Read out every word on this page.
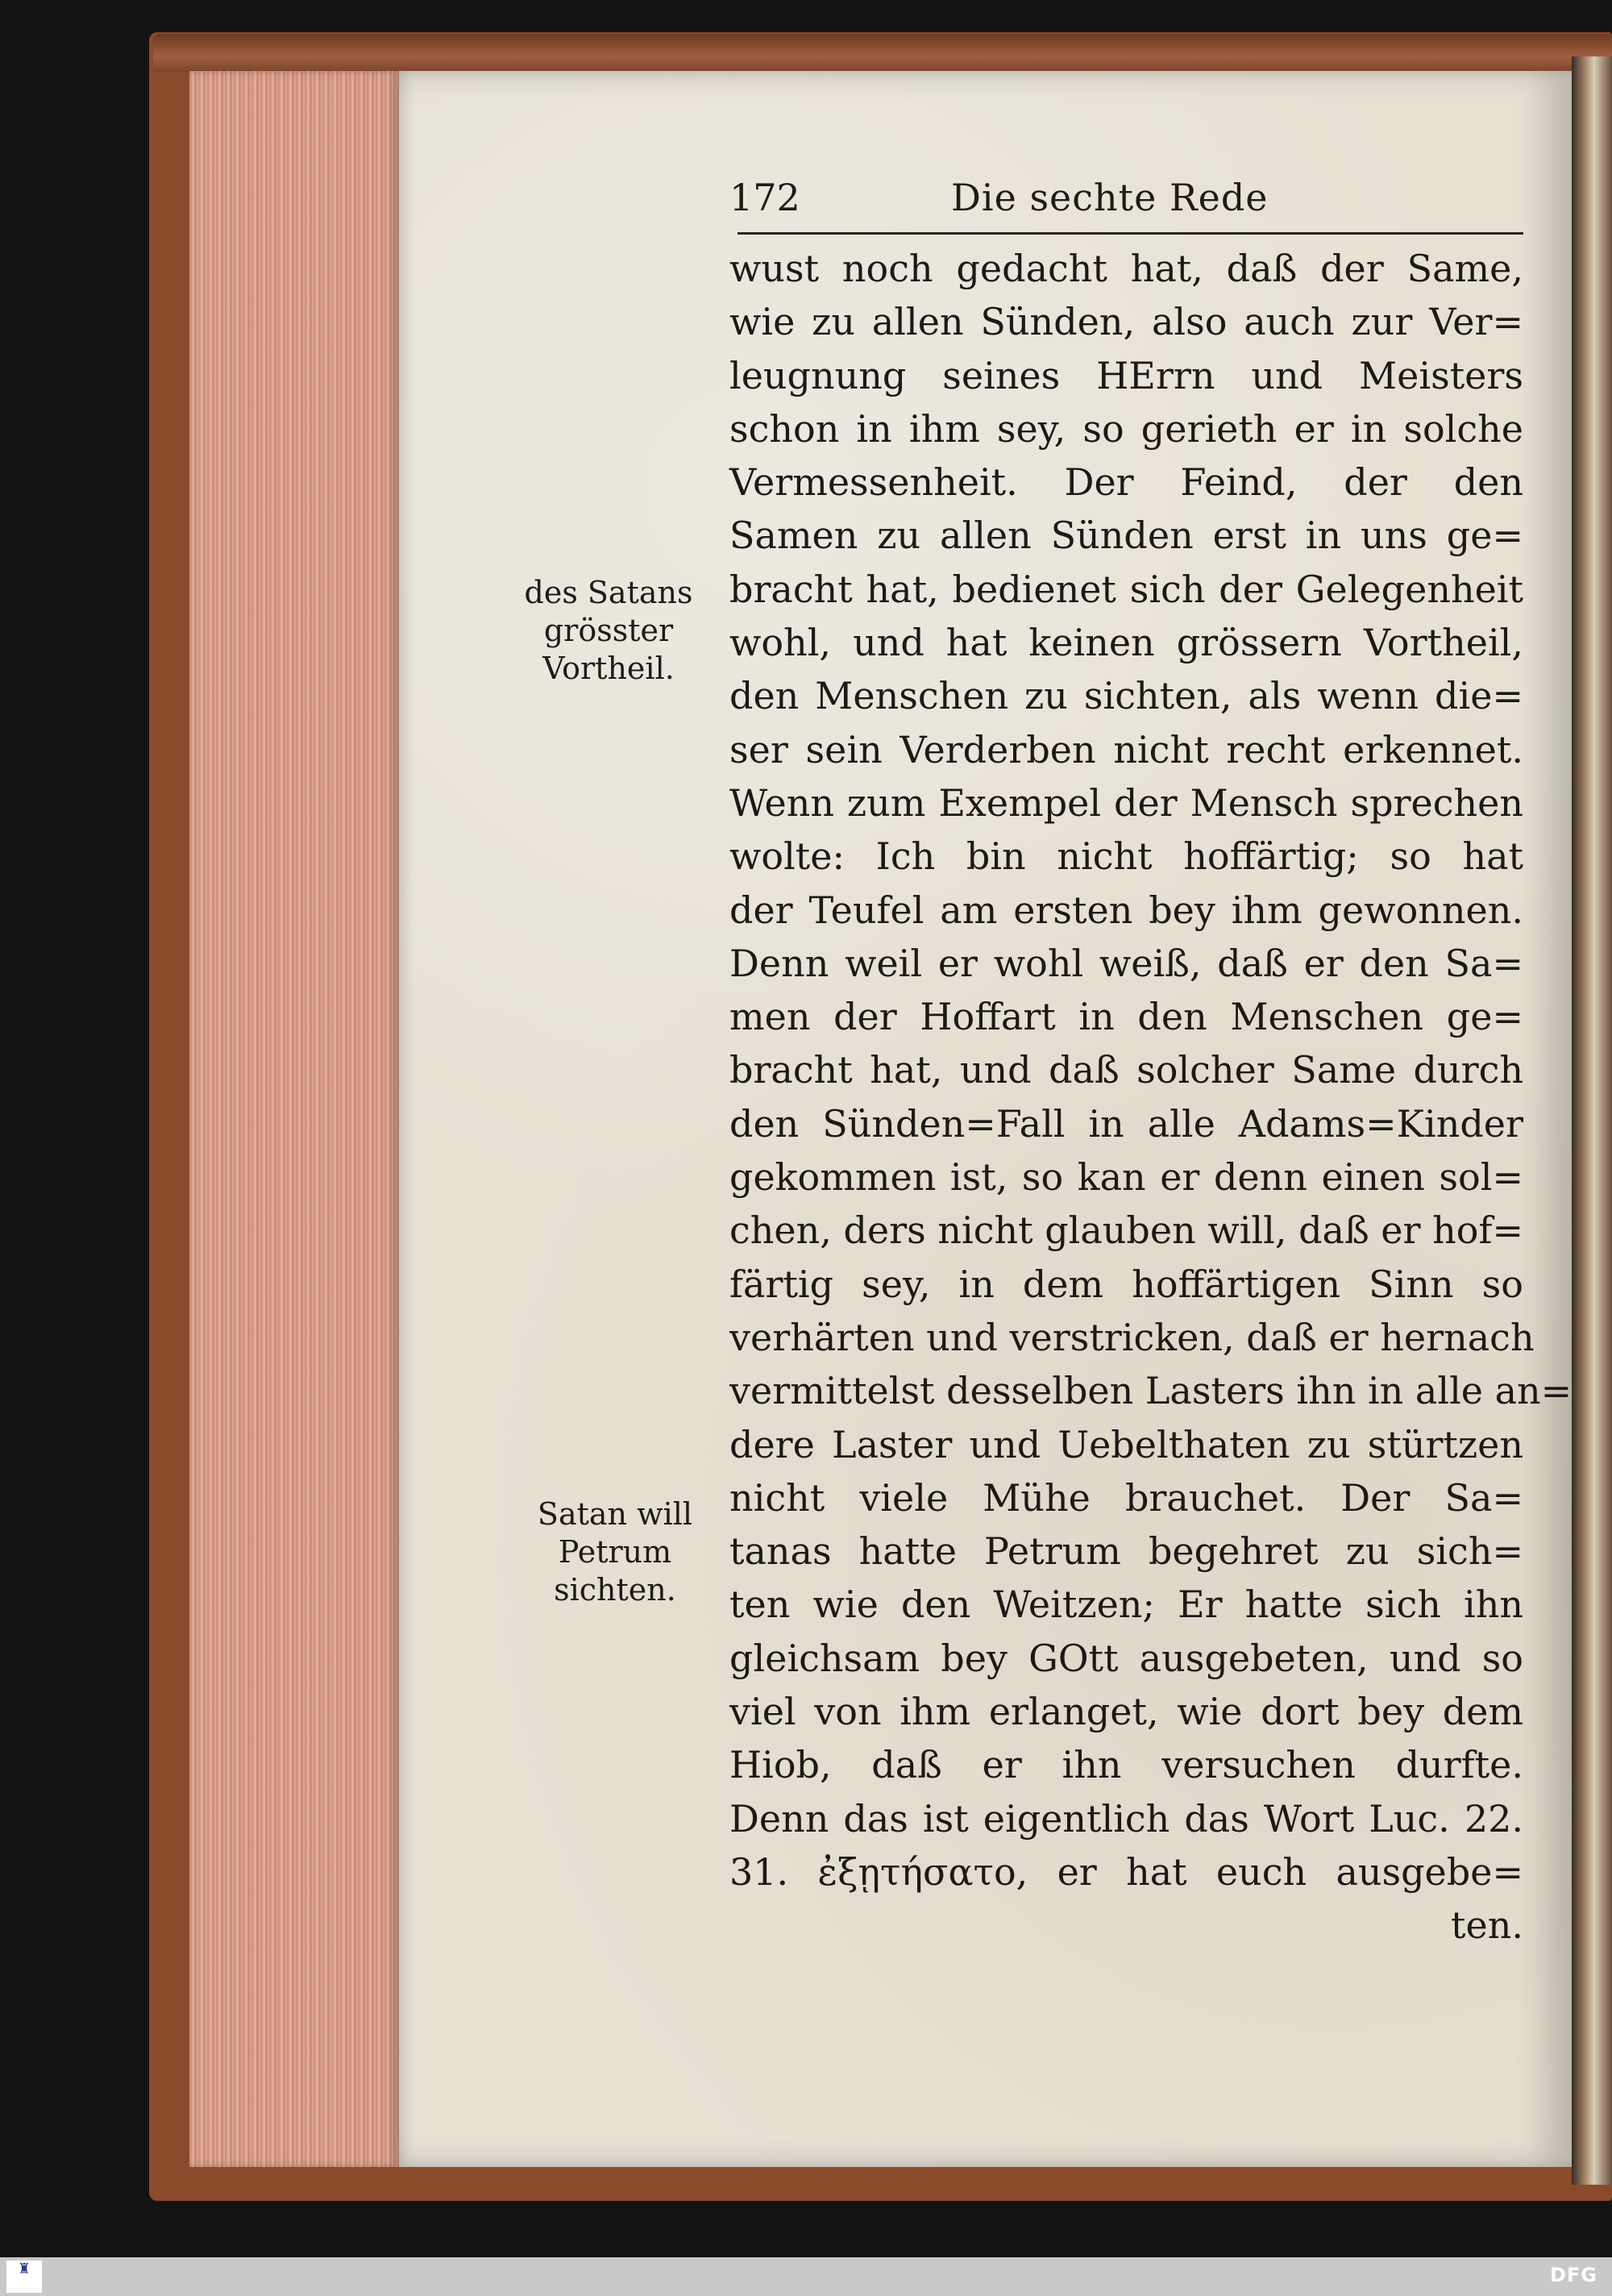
172	Die sechte Rede
des Satans
grösster
Vortheil.
Satan will
Petrum
sichten.
wust noch gedacht hat, daß der Same,
wie zu allen Sünden, also auch zur Ver=
leugnung seines HErrn und Meisters
schon in ihm sey, so gerieth er in solche
Vermessenheit. Der Feind, der den
Samen zu allen Sünden erst in uns ge=
bracht hat, bedienet sich der Gelegenheit
wohl, und hat keinen grössern Vortheil,
den Menschen zu sichten, als wenn die=
ser sein Verderben nicht recht erkennet.
Wenn zum Exempel der Mensch sprechen
wolte: Ich bin nicht hoffärtig; so hat
der Teufel am ersten bey ihm gewonnen.
Denn weil er wohl weiß, daß er den Sa=
men der Hoffart in den Menschen ge=
bracht hat, und daß solcher Same durch
den Sünden=Fall in alle Adams=Kinder
gekommen ist, so kan er denn einen sol=
chen, ders nicht glauben will, daß er hof=
färtig sey, in dem hoffärtigen Sinn so
verhärten und verstricken, daß er hernach
vermittelst desselben Lasters ihn in alle an=
dere Laster und Uebelthaten zu stürtzen
nicht viele Mühe brauchet. Der Sa=
tanas hatte Petrum begehret zu sich=
ten wie den Weitzen; Er hatte sich ihn
gleichsam bey GOtt ausgebeten, und so
viel von ihm erlanget, wie dort bey dem
Hiob, daß er ihn versuchen durfte.
Denn das ist eigentlich das Wort Luc. 22.
31. ἐξῃτήσατο, er hat euch ausgebe=
ten.
♜	DFG
